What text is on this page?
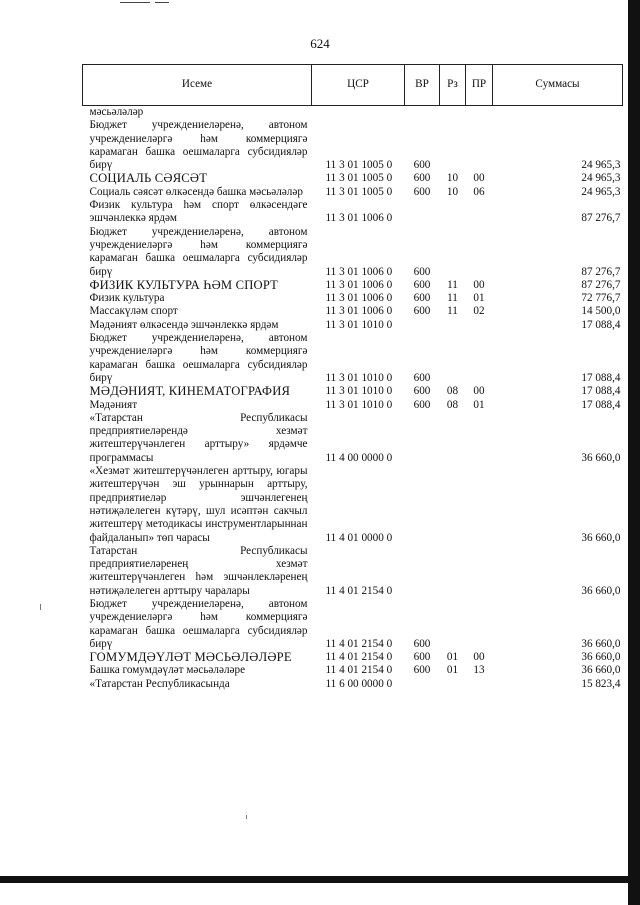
624
Исеме	ЦСР	ВР	Рз	ПР	Суммасы
мәсьәләләр					
Бюджет учреждениеләренә, автоном учреждениеләргә һәм коммерциягә карамаган башка оешмаларга субсидияләр бирү	11 3 01 1005 0	600			24 965,3
СОЦИАЛЬ СӘЯСӘТ	11 3 01 1005 0	600	10	00	24 965,3
Социаль сәясәт өлкәсендә башка мәсьәләләр	11 3 01 1005 0	600	10	06	24 965,3
Физик культура һәм спорт өлкәсендәге эшчәнлеккә ярдәм	11 3 01 1006 0				87 276,7
Бюджет учреждениеләренә, автоном учреждениеләргә һәм коммерциягә карамаган башка оешмаларга субсидияләр бирү	11 3 01 1006 0	600			87 276,7
ФИЗИК КУЛЬТУРА ҺӘМ СПОРТ	11 3 01 1006 0	600	11	00	87 276,7
Физик культура	11 3 01 1006 0	600	11	01	72 776,7
Массакүләм спорт	11 3 01 1006 0	600	11	02	14 500,0
Мәдәният өлкәсендә эшчәнлеккә ярдәм	11 3 01 1010 0				17 088,4
Бюджет учреждениеләренә, автоном учреждениеләргә һәм коммерциягә карамаган башка оешмаларга субсидияләр бирү	11 3 01 1010 0	600			17 088,4
МӘДӘНИЯТ, КИНЕМАТОГРАФИЯ	11 3 01 1010 0	600	08	00	17 088,4
Мәдәният	11 3 01 1010 0	600	08	01	17 088,4
«Татарстан Республикасы предприятиеләрендә хезмәт житештерүчәнлеген арттыру» ярдәмче программасы	11 4 00 0000 0				36 660,0
«Хезмәт житештерүчәнлеген арттыру, югары житештерүчән эш урыннарын арттыру, предприятиеләр эшчәнлегенең нәтиҗәлелеген күтәрү, шул исәптән сакчыл житештерү методикасы инструментларыннан файдаланып» төп чарасы	11 4 01 0000 0				36 660,0
Татарстан Республикасы предприятиеләренең хезмәт житештерүчәнлеген һәм эшчәнлекләренең нәтиҗәлелеген арттыру чаралары	11 4 01 2154 0				36 660,0
Бюджет учреждениеләренә, автоном учреждениеләргә һәм коммерциягә карамаган башка оешмаларга субсидияләр бирү	11 4 01 2154 0	600			36 660,0
ГОМУМДӘҮЛӘТ МӘСЬӘЛӘЛӘРЕ	11 4 01 2154 0	600	01	00	36 660,0
Башка гомумдәүләт мәсьәләләре	11 4 01 2154 0	600	01	13	36 660,0
«Татарстан Республикасында	11 6 00 0000 0				15 823,4
